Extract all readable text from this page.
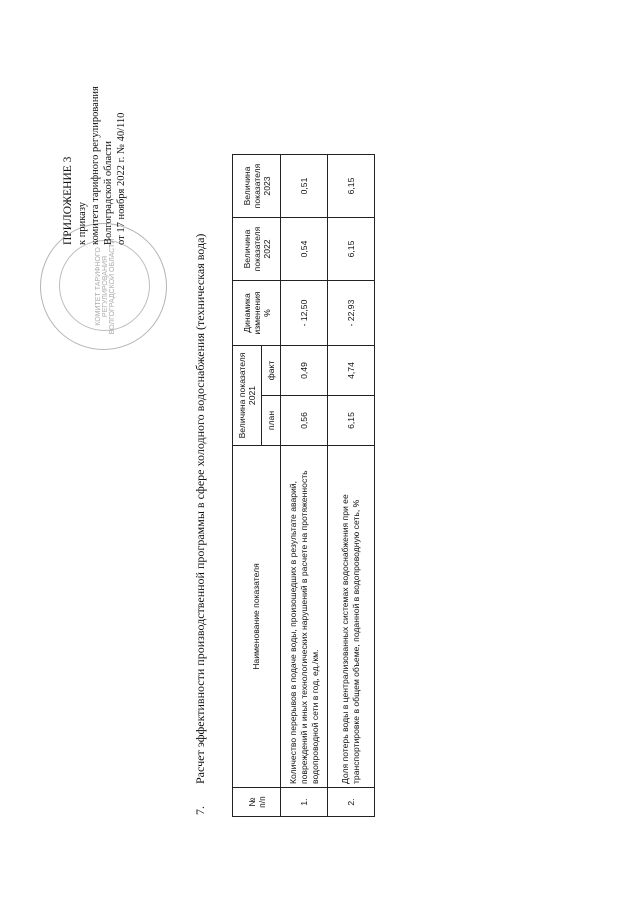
КОМИТЕТ ТАРИФНОГО РЕГУЛИРОВАНИЯ ВОЛГОГРАДСКОЙ ОБЛАСТИ
ПРИЛОЖЕНИЕ 3 к приказу комитета тарифного регулирования Волгоградской области от 17 ноября 2022 г. № 40/110
7. Расчет эффективности производственной программы в сфере холодного водоснабжения (техническая вода)
№ п/п	Наименование показателя	Величина показателя 2021		Динамика изменения %	Величина показателя 2022	Величина показателя 2023

		план	факт			
1.	Количество перерывов в подаче воды, произошедших в результате аварий, повреждений и иных технологических нарушений в расчете на протяженность водопроводной сети в год, ед./км.	0,56	0,49	- 12,50	0,54	0,51
2.	Доля потерь воды в централизованных системах водоснабжения при ее транспортировке в общем объеме, поданной в водопроводную сеть, %	6,15	4,74	- 22,93	6,15	6,15
